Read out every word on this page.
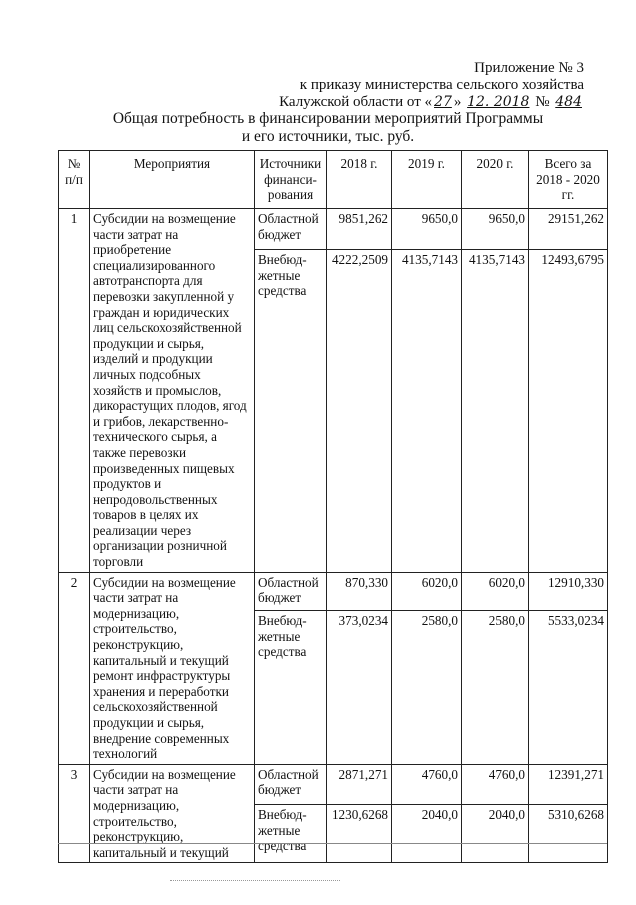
Приложение № 3
к приказу министерства сельского хозяйства
Калужской области от « 27 » 12. 2018 № 484
Общая потребность в финансировании мероприятий Программы
и его источники, тыс. руб.
№ п/п	Мероприятия	Источники финанси-рования	2018 г.	2019 г.	2020 г.	Всего за 2018 - 2020 гг.
1	Субсидии на возмещение части затрат на приобретение специализированного автотранспорта для перевозки закупленной у граждан и юридических лиц сельскохозяйственной продукции и сырья, изделий и продукции личных подсобных хозяйств и промыслов, дикорастущих плодов, ягод и грибов, лекарственно-технического сырья, а также перевозки произведенных пищевых продуктов и непродовольственных товаров в целях их реализации через организации розничной торговли	Областной бюджет	9851,262	9650,0	9650,0	29151,262
		Внебюд-жетные средства	4222,2509	4135,7143	4135,7143	12493,6795
2	Субсидии на возмещение части затрат на модернизацию, строительство, реконструкцию, капитальный и текущий ремонт инфраструктуры хранения и переработки сельскохозяйственной продукции и сырья, внедрение современных технологий	Областной бюджет	870,330	6020,0	6020,0	12910,330
		Внебюд-жетные средства	373,0234	2580,0	2580,0	5533,0234
3	Субсидии на возмещение части затрат на модернизацию, строительство, реконструкцию, капитальный и текущий	Областной бюджет	2871,271	4760,0	4760,0	12391,271
		Внебюд-жетные средства	1230,6268	2040,0	2040,0	5310,6268
